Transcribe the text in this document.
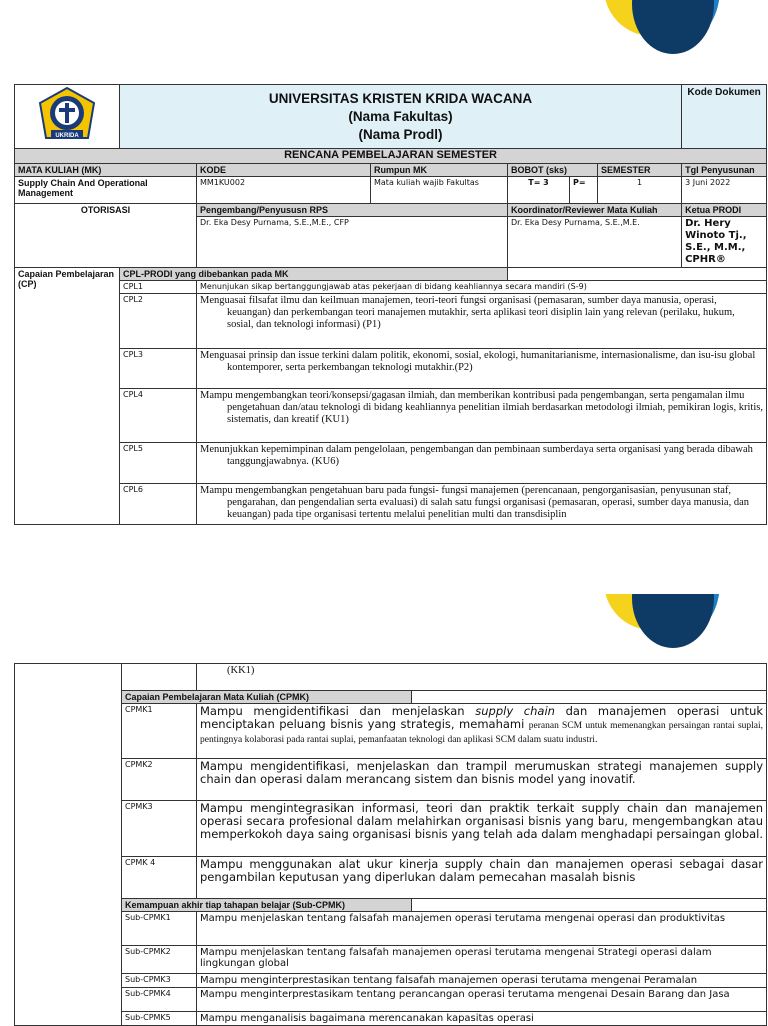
UKRIDA	UNIVERSITAS KRISTEN KRIDA WACANA
(Nama Fakultas)
(Nama Prodl)						Kode Dokumen
RENCANA PEMBELAJARAN SEMESTER							
MATA KULIAH (MK)		KODE	Rumpun MK	BOBOT (sks)		SEMESTER	Tgl Penyusunan
Supply Chain And Operational Management		MM1KU002	Mata kuliah wajib Fakultas	T= 3	P=	1	3 Juni 2022
OTORISASI		Pengembang/Penyususn RPS		Koordinator/Reviewer Mata Kuliah			Ketua PRODI
		Dr. Eka Desy Purnama, S.E.,M.E., CFP		Dr. Eka Desy Purnama, S.E.,M.E.			Dr. Hery Winoto Tj., S.E., M.M., CPHR®
Capaian Pembelajaran (CP)	CPL-PRODI yang dibebankan pada MK						
	CPL1	Menunjukan sikap bertanggungjawab atas pekerjaan di bidang keahliannya secara mandiri (S-9)					
	CPL2	Menguasai filsafat ilmu dan keilmuan manajemen, teori-teori fungsi organisasi (pemasaran, sumber daya manusia, operasi, keuangan) dan perkembangan teori manajemen mutakhir, serta aplikasi teori disiplin lain yang relevan (perilaku, hukum, sosial, dan teknologi informasi) (P1)					
	CPL3	Menguasai prinsip dan issue terkini dalam politik, ekonomi, sosial, ekologi, humanitarianisme, internasionalisme, dan isu-isu global kontemporer, serta perkembangan teknologi mutakhir.(P2)					
	CPL4	Mampu mengembangkan teori/konsepsi/gagasan ilmiah, dan memberikan kontribusi pada pengembangan, serta pengamalan ilmu pengetahuan dan/atau teknologi di bidang keahliannya penelitian ilmiah berdasarkan metodologi ilmiah, pemikiran logis, kritis, sistematis, dan kreatif (KU1)					
	CPL5	Menunjukkan kepemimpinan dalam pengelolaan, pengembangan dan pembinaan sumberdaya serta organisasi yang berada dibawah tanggungjawabnya. (KU6)					
	CPL6	Mampu mengembangkan pengetahuan baru pada fungsi- fungsi manajemen (perencanaan, pengorganisasian, penyusunan staf, pengarahan, dan pengendalian serta evaluasi) di salah satu fungsi organisasi (pemasaran, operasi, sumber daya manusia, dan keuangan) pada tipe organisasi tertentu melalui penelitian multi dan transdisiplin					
		(KK1)	
	Capaian Pembelajaran Mata Kuliah (CPMK)		
	CPMK1	Mampu mengidentifikasi dan menjelaskan supply chain dan manajemen operasi untuk menciptakan peluang bisnis yang strategis, memahami peranan SCM untuk memenangkan persaingan rantai suplai, pentingnya kolaborasi pada rantai suplai, pemanfaatan teknologi dan aplikasi SCM dalam suatu industri.	
	CPMK2	Mampu mengidentifikasi, menjelaskan dan trampil merumuskan strategi manajemen supply chain dan operasi dalam merancang sistem dan bisnis model yang inovatif.	
	CPMK3	Mampu mengintegrasikan informasi, teori dan praktik terkait supply chain dan manajemen operasi secara profesional dalam melahirkan organisasi bisnis yang baru, mengembangkan atau memperkokoh daya saing organisasi bisnis yang telah ada dalam menghadapi persaingan global.	
	CPMK 4	Mampu menggunakan alat ukur kinerja supply chain dan manajemen operasi sebagai dasar pengambilan keputusan yang diperlukan dalam pemecahan masalah bisnis	
	Kemampuan akhir tiap tahapan belajar (Sub-CPMK)		
	Sub-CPMK1	Mampu menjelaskan tentang falsafah manajemen operasi terutama mengenai operasi dan produktivitas	
	Sub-CPMK2	Mampu menjelaskan tentang falsafah manajemen operasi terutama mengenai Strategi operasi dalam lingkungan global	
	Sub-CPMK3	Mampu menginterprestasikan tentang falsafah manajemen operasi terutama mengenai Peramalan	
	Sub-CPMK4	Mampu menginterprestasikam tentang perancangan operasi terutama mengenai Desain Barang dan Jasa	
	Sub-CPMK5	Mampu menganalisis bagaimana merencanakan kapasitas operasi	
